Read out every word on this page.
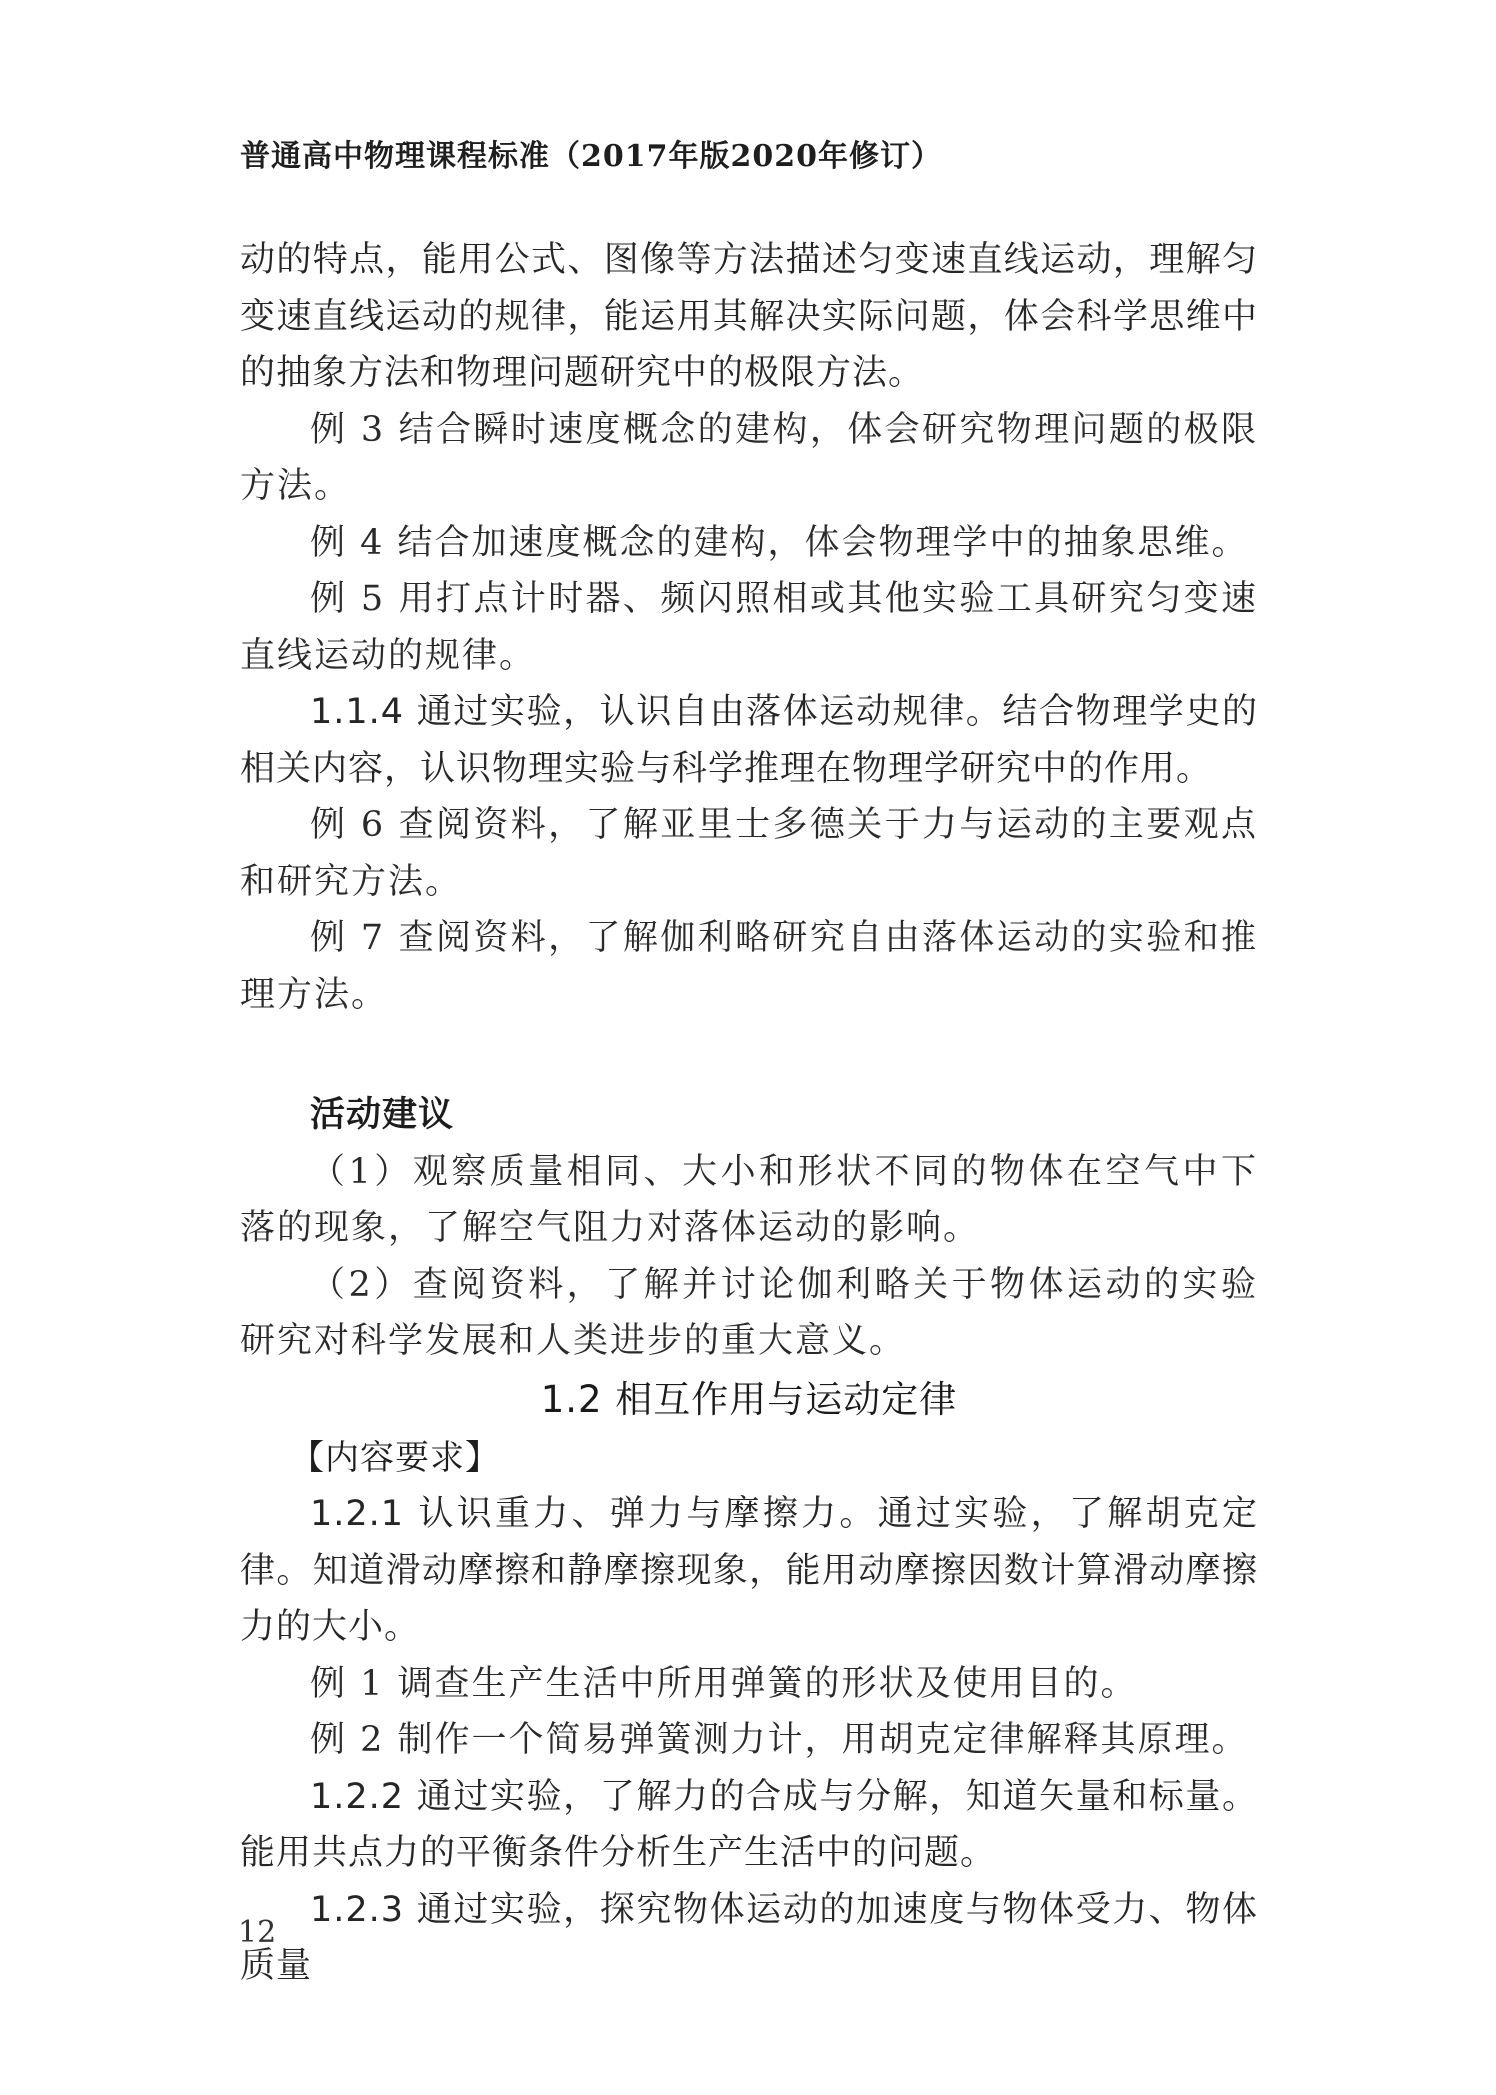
普通高中物理课程标准（2017年版2020年修订）

动的特点，能用公式、图像等方法描述匀变速直线运动，理解匀变速直线运动的规律，能运用其解决实际问题，体会科学思维中的抽象方法和物理问题研究中的极限方法。

例 3 结合瞬时速度概念的建构，体会研究物理问题的极限方法。

例 4 结合加速度概念的建构，体会物理学中的抽象思维。

例 5 用打点计时器、频闪照相或其他实验工具研究匀变速直线运动的规律。

1.1.4 通过实验，认识自由落体运动规律。结合物理学史的相关内容，认识物理实验与科学推理在物理学研究中的作用。

例 6 查阅资料，了解亚里士多德关于力与运动的主要观点和研究方法。

例 7 查阅资料，了解伽利略研究自由落体运动的实验和推理方法。

活动建议

（1）观察质量相同、大小和形状不同的物体在空气中下落的现象，了解空气阻力对落体运动的影响。

（2）查阅资料，了解并讨论伽利略关于物体运动的实验研究对科学发展和人类进步的重大意义。

1.2 相互作用与运动定律

【内容要求】

1.2.1 认识重力、弹力与摩擦力。通过实验，了解胡克定律。知道滑动摩擦和静摩擦现象，能用动摩擦因数计算滑动摩擦力的大小。

例 1 调查生产生活中所用弹簧的形状及使用目的。

例 2 制作一个简易弹簧测力计，用胡克定律解释其原理。

1.2.2 通过实验，了解力的合成与分解，知道矢量和标量。能用共点力的平衡条件分析生产生活中的问题。

1.2.3 通过实验，探究物体运动的加速度与物体受力、物体质量

12
